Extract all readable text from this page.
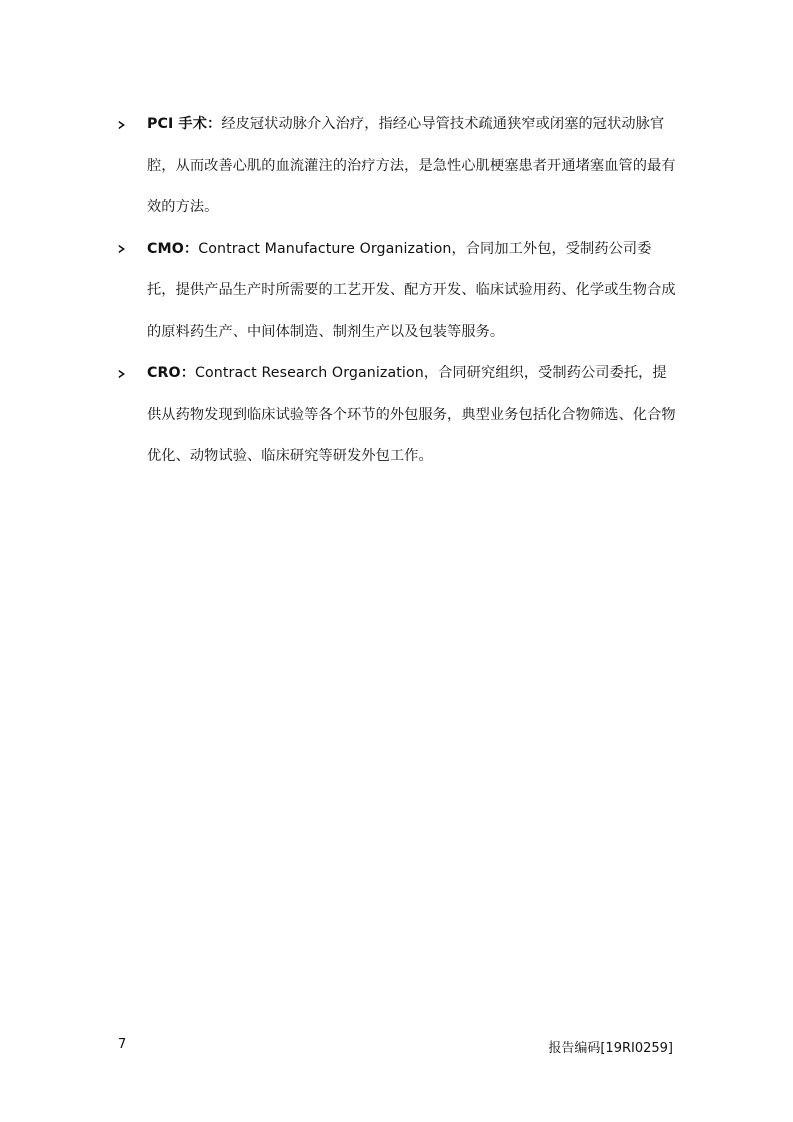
PCI 手术：经皮冠状动脉介入治疗，指经心导管技术疏通狭窄或闭塞的冠状动脉官腔，从而改善心肌的血流灌注的治疗方法，是急性心肌梗塞患者开通堵塞血管的最有效的方法。
CMO：Contract Manufacture Organization，合同加工外包，受制药公司委托，提供产品生产时所需要的工艺开发、配方开发、临床试验用药、化学或生物合成的原料药生产、中间体制造、制剂生产以及包装等服务。
CRO：Contract Research Organization，合同研究组织，受制药公司委托，提供从药物发现到临床试验等各个环节的外包服务，典型业务包括化合物筛选、化合物优化、动物试验、临床研究等研发外包工作。
7	报告编码[19RI0259]
